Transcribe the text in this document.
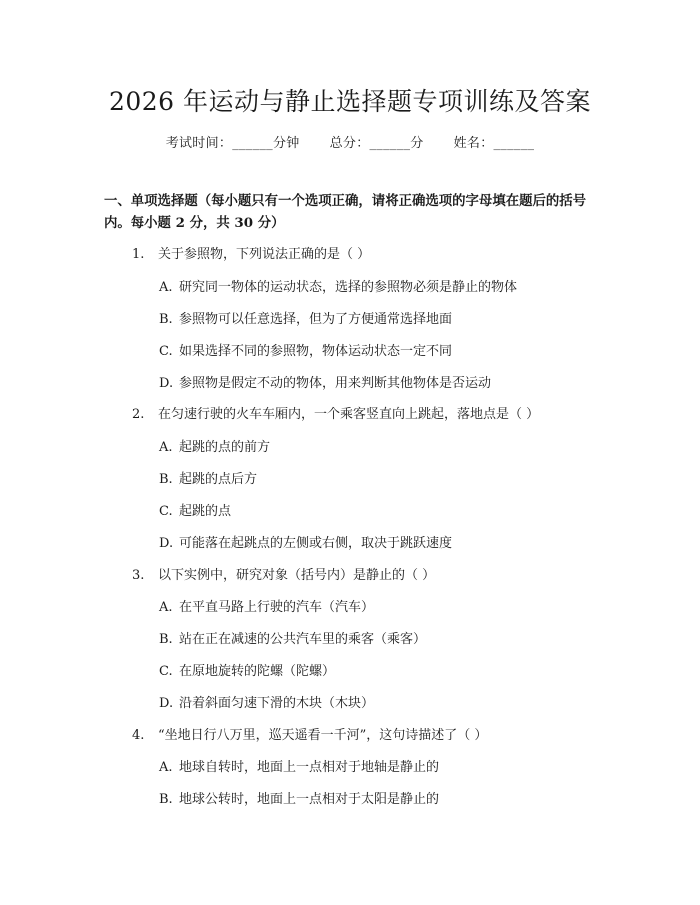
2026 年运动与静止选择题专项训练及答案
考试时间：______分钟 总分：______分 姓名：______
一、单项选择题（每小题只有一个选项正确，请将正确选项的字母填在题后的括号内。每小题 2 分，共 30 分）
1. 关于参照物，下列说法正确的是（ ）
A. 研究同一物体的运动状态，选择的参照物必须是静止的物体
B. 参照物可以任意选择，但为了方便通常选择地面
C. 如果选择不同的参照物，物体运动状态一定不同
D. 参照物是假定不动的物体，用来判断其他物体是否运动
2. 在匀速行驶的火车车厢内，一个乘客竖直向上跳起，落地点是（ ）
A. 起跳的点的前方
B. 起跳的点后方
C. 起跳的点
D. 可能落在起跳点的左侧或右侧，取决于跳跃速度
3. 以下实例中，研究对象（括号内）是静止的（ ）
A. 在平直马路上行驶的汽车（汽车）
B. 站在正在减速的公共汽车里的乘客（乘客）
C. 在原地旋转的陀螺（陀螺）
D. 沿着斜面匀速下滑的木块（木块）
4. “坐地日行八万里，巡天遥看一千河”，这句诗描述了（ ）
A. 地球自转时，地面上一点相对于地轴是静止的
B. 地球公转时，地面上一点相对于太阳是静止的
